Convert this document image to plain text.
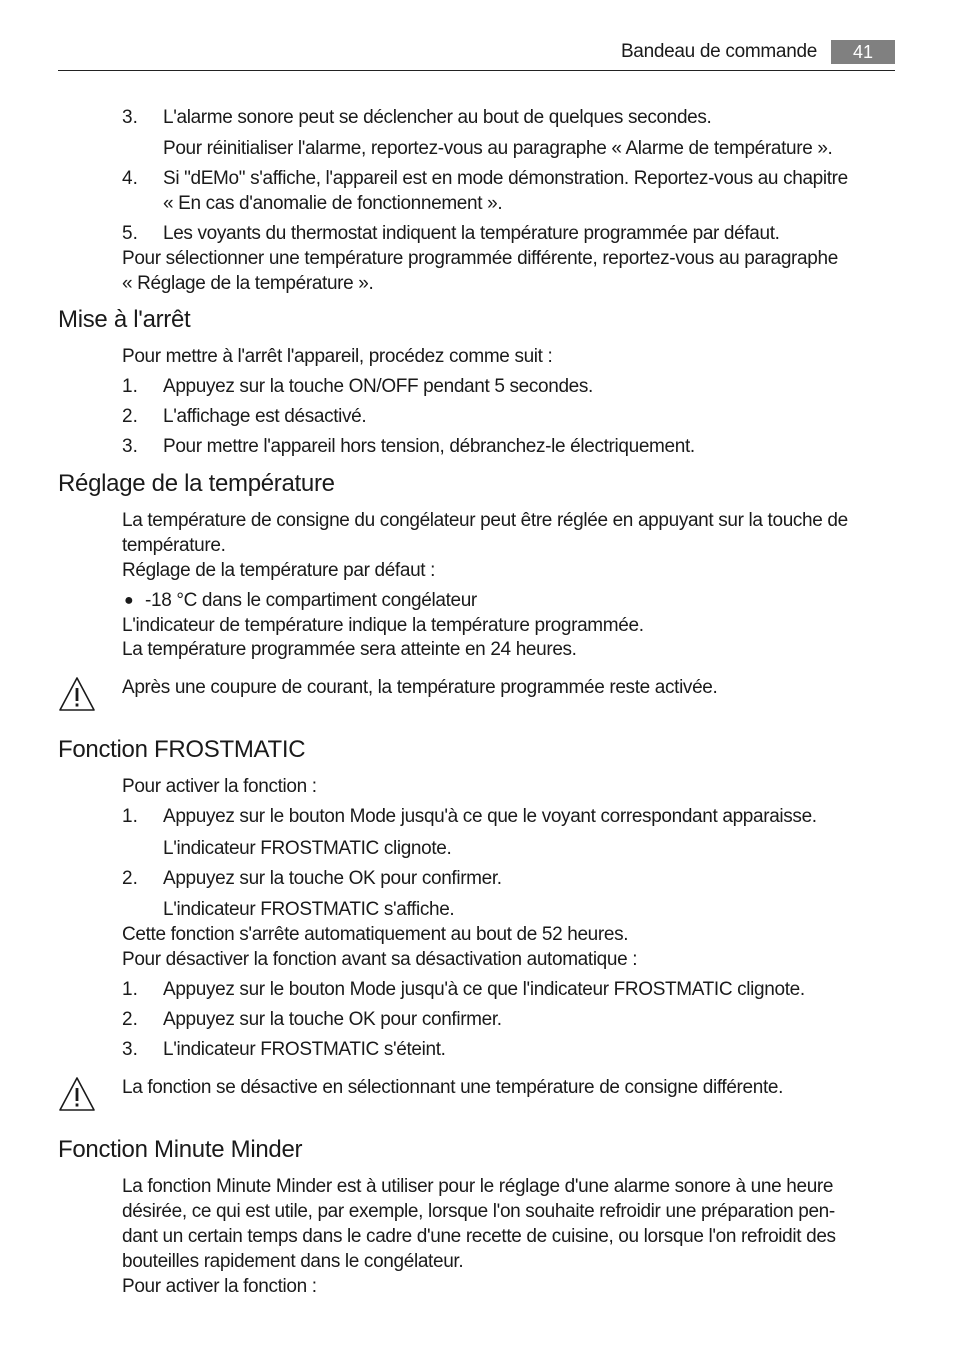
Bandeau de commande	41
3. L'alarme sonore peut se déclencher au bout de quelques secondes.
Pour réinitialiser l'alarme, reportez-vous au paragraphe « Alarme de température ».
4. Si "dEMo" s'affiche, l'appareil est en mode démonstration. Reportez-vous au chapitre
« En cas d'anomalie de fonctionnement ».
5. Les voyants du thermostat indiquent la température programmée par défaut.
Pour sélectionner une température programmée différente, reportez-vous au paragraphe
« Réglage de la température ».
Mise à l'arrêt
Pour mettre à l'arrêt l'appareil, procédez comme suit :
1. Appuyez sur la touche ON/OFF pendant 5 secondes.
2. L'affichage est désactivé.
3. Pour mettre l'appareil hors tension, débranchez-le électriquement.
Réglage de la température
La température de consigne du congélateur peut être réglée en appuyant sur la touche de
température.
Réglage de la température par défaut :
● -18 °C dans le compartiment congélateur
L'indicateur de température indique la température programmée.
La température programmée sera atteinte en 24 heures.
Après une coupure de courant, la température programmée reste activée.
Fonction FROSTMATIC
Pour activer la fonction :
1. Appuyez sur le bouton Mode jusqu'à ce que le voyant correspondant apparaisse.
L'indicateur FROSTMATIC clignote.
2. Appuyez sur la touche OK pour confirmer.
L'indicateur FROSTMATIC s'affiche.
Cette fonction s'arrête automatiquement au bout de 52 heures.
Pour désactiver la fonction avant sa désactivation automatique :
1. Appuyez sur le bouton Mode jusqu'à ce que l'indicateur FROSTMATIC clignote.
2. Appuyez sur la touche OK pour confirmer.
3. L'indicateur FROSTMATIC s'éteint.
La fonction se désactive en sélectionnant une température de consigne différente.
Fonction Minute Minder
La fonction Minute Minder est à utiliser pour le réglage d'une alarme sonore à une heure
désirée, ce qui est utile, par exemple, lorsque l'on souhaite refroidir une préparation pen-
dant un certain temps dans le cadre d'une recette de cuisine, ou lorsque l'on refroidit des
bouteilles rapidement dans le congélateur.
Pour activer la fonction :
